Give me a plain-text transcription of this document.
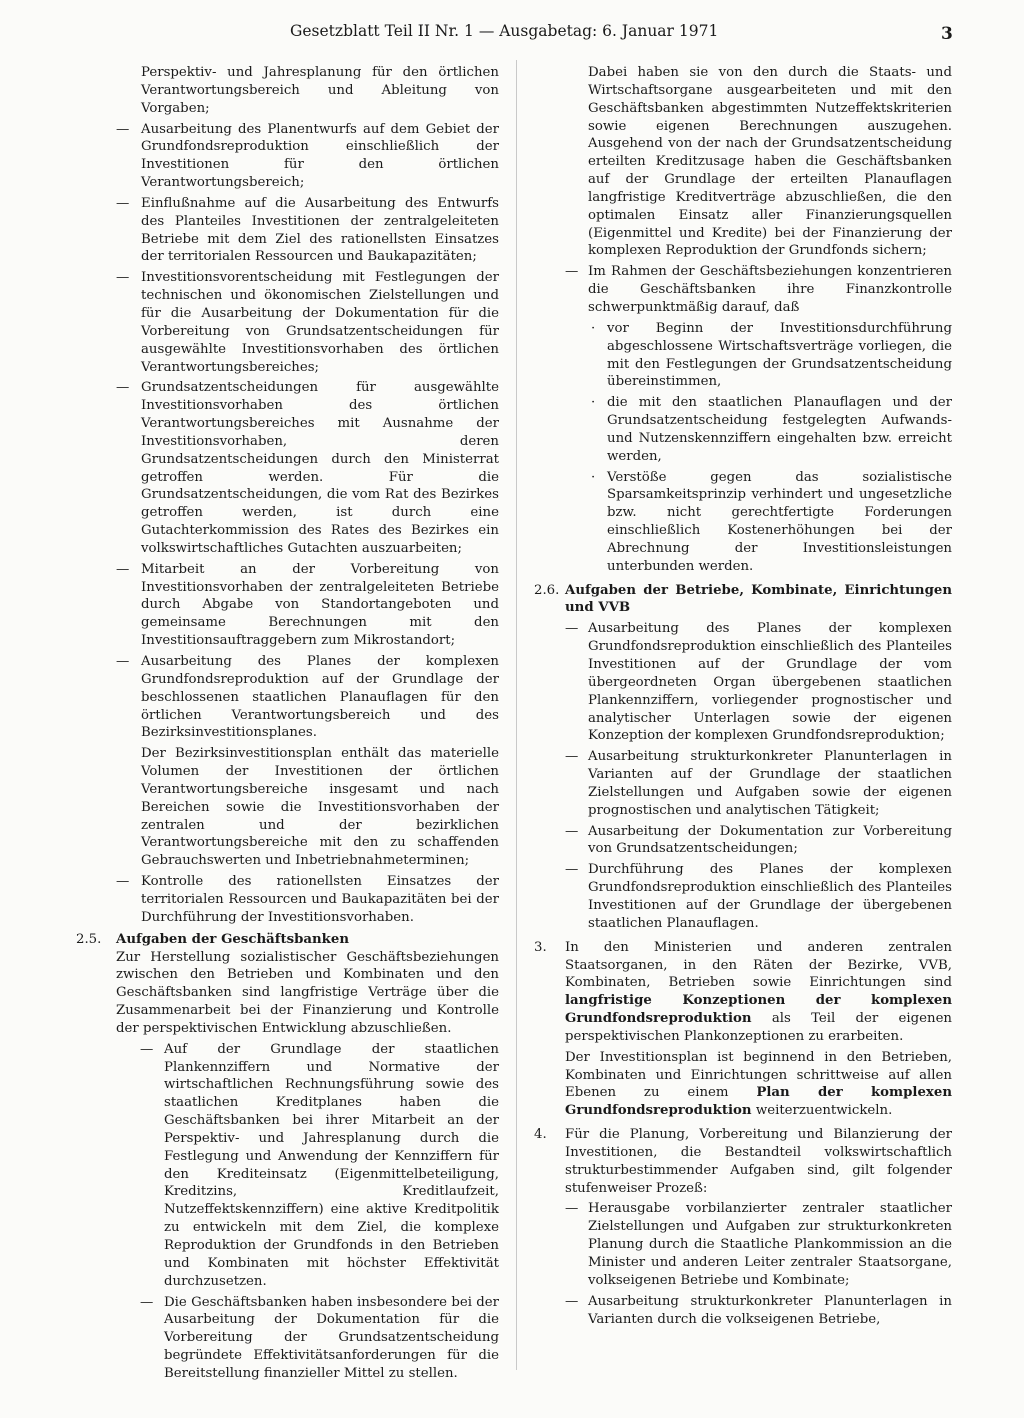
Gesetzblatt Teil II Nr. 1 — Ausgabetag: 6. Januar 1971	3
Perspektiv- und Jahresplanung für den örtlichen Verantwortungsbereich und Ableitung von Vorgaben;
— Ausarbeitung des Planentwurfs auf dem Gebiet der Grundfondsreproduktion einschließlich der Investitionen für den örtlichen Verantwortungsbereich;
— Einflußnahme auf die Ausarbeitung des Entwurfs des Planteiles Investitionen der zentralgeleiteten Betriebe mit dem Ziel des rationellsten Einsatzes der territorialen Ressourcen und Baukapazitäten;
— Investitionsvorentscheidung mit Festlegungen der technischen und ökonomischen Zielstellungen und für die Ausarbeitung der Dokumentation für die Vorbereitung von Grundsatzentscheidungen für ausgewählte Investitionsvorhaben des örtlichen Verantwortungsbereiches;
— Grundsatzentscheidungen für ausgewählte Investitionsvorhaben des örtlichen Verantwortungsbereiches mit Ausnahme der Investitionsvorhaben, deren Grundsatzentscheidungen durch den Ministerrat getroffen werden. Für die Grundsatzentscheidungen, die vom Rat des Bezirkes getroffen werden, ist durch eine Gutachterkommission des Rates des Bezirkes ein volkswirtschaftliches Gutachten auszuarbeiten;
— Mitarbeit an der Vorbereitung von Investitionsvorhaben der zentralgeleiteten Betriebe durch Abgabe von Standortangeboten und gemeinsame Berechnungen mit den Investitionsauftraggebern zum Mikrostandort;
— Ausarbeitung des Planes der komplexen Grundfondsreproduktion auf der Grundlage der beschlossenen staatlichen Planauflagen für den örtlichen Verantwortungsbereich und des Bezirksinvestitionsplanes.
Der Bezirksinvestitionsplan enthält das materielle Volumen der Investitionen der örtlichen Verantwortungsbereiche insgesamt und nach Bereichen sowie die Investitionsvorhaben der zentralen und der bezirklichen Verantwortungsbereiche mit den zu schaffenden Gebrauchswerten und Inbetriebnahmeterminen;
— Kontrolle des rationellsten Einsatzes der territorialen Ressourcen und Baukapazitäten bei der Durchführung der Investitionsvorhaben.
2.5. Aufgaben der Geschäftsbanken
Zur Herstellung sozialistischer Geschäftsbeziehungen zwischen den Betrieben und Kombinaten und den Geschäftsbanken sind langfristige Verträge über die Zusammenarbeit bei der Finanzierung und Kontrolle der perspektivischen Entwicklung abzuschließen.
— Auf der Grundlage der staatlichen Plankennziffern und Normative der wirtschaftlichen Rechnungsführung sowie des staatlichen Kreditplanes haben die Geschäftsbanken bei ihrer Mitarbeit an der Perspektiv- und Jahresplanung durch die Festlegung und Anwendung der Kennziffern für den Krediteinsatz (Eigenmittelbeteiligung, Kreditzins, Kreditlaufzeit, Nutzeffektskennziffern) eine aktive Kreditpolitik zu entwickeln mit dem Ziel, die komplexe Reproduktion der Grundfonds in den Betrieben und Kombinaten mit höchster Effektivität durchzusetzen.
— Die Geschäftsbanken haben insbesondere bei der Ausarbeitung der Dokumentation für die Vorbereitung der Grundsatzentscheidung begründete Effektivitätsanforderungen für die Bereitstellung finanzieller Mittel zu stellen.
Dabei haben sie von den durch die Staats- und Wirtschaftsorgane ausgearbeiteten und mit den Geschäftsbanken abgestimmten Nutzeffektskriterien sowie eigenen Berechnungen auszugehen. Ausgehend von der nach der Grundsatzentscheidung erteilten Kreditzusage haben die Geschäftsbanken auf der Grundlage der erteilten Planauflagen langfristige Kreditverträge abzuschließen, die den optimalen Einsatz aller Finanzierungsquellen (Eigenmittel und Kredite) bei der Finanzierung der komplexen Reproduktion der Grundfonds sichern;
— Im Rahmen der Geschäftsbeziehungen konzentrieren die Geschäftsbanken ihre Finanzkontrolle schwerpunktmäßig darauf, daß
· vor Beginn der Investitionsdurchführung abgeschlossene Wirtschaftsverträge vorliegen, die mit den Festlegungen der Grundsatzentscheidung übereinstimmen,
· die mit den staatlichen Planauflagen und der Grundsatzentscheidung festgelegten Aufwands- und Nutzenskennziffern eingehalten bzw. erreicht werden,
· Verstöße gegen das sozialistische Sparsamkeitsprinzip verhindert und ungesetzliche bzw. nicht gerechtfertigte Forderungen einschließlich Kostenerhöhungen bei der Abrechnung der Investitionsleistungen unterbunden werden.
2.6. Aufgaben der Betriebe, Kombinate, Einrichtungen und VVB
— Ausarbeitung des Planes der komplexen Grundfondsreproduktion einschließlich des Planteiles Investitionen auf der Grundlage der vom übergeordneten Organ übergebenen staatlichen Plankennziffern, vorliegender prognostischer und analytischer Unterlagen sowie der eigenen Konzeption der komplexen Grundfondsreproduktion;
— Ausarbeitung strukturkonkreter Planunterlagen in Varianten auf der Grundlage der staatlichen Zielstellungen und Aufgaben sowie der eigenen prognostischen und analytischen Tätigkeit;
— Ausarbeitung der Dokumentation zur Vorbereitung von Grundsatzentscheidungen;
— Durchführung des Planes der komplexen Grundfondsreproduktion einschließlich des Planteiles Investitionen auf der Grundlage der übergebenen staatlichen Planauflagen.
3. In den Ministerien und anderen zentralen Staatsorganen, in den Räten der Bezirke, VVB, Kombinaten, Betrieben sowie Einrichtungen sind langfristige Konzeptionen der komplexen Grundfondsreproduktion als Teil der eigenen perspektivischen Plankonzeptionen zu erarbeiten.
Der Investitionsplan ist beginnend in den Betrieben, Kombinaten und Einrichtungen schrittweise auf allen Ebenen zu einem Plan der komplexen Grundfondsreproduktion weiterzuentwickeln.
4. Für die Planung, Vorbereitung und Bilanzierung der Investitionen, die Bestandteil volkswirtschaftlich strukturbestimmender Aufgaben sind, gilt folgender stufenweiser Prozeß:
— Herausgabe vorbilanzierter zentraler staatlicher Zielstellungen und Aufgaben zur strukturkonkreten Planung durch die Staatliche Plankommission an die Minister und anderen Leiter zentraler Staatsorgane, volkseigenen Betriebe und Kombinate;
— Ausarbeitung strukturkonkreter Planunterlagen in Varianten durch die volkseigenen Betriebe,
